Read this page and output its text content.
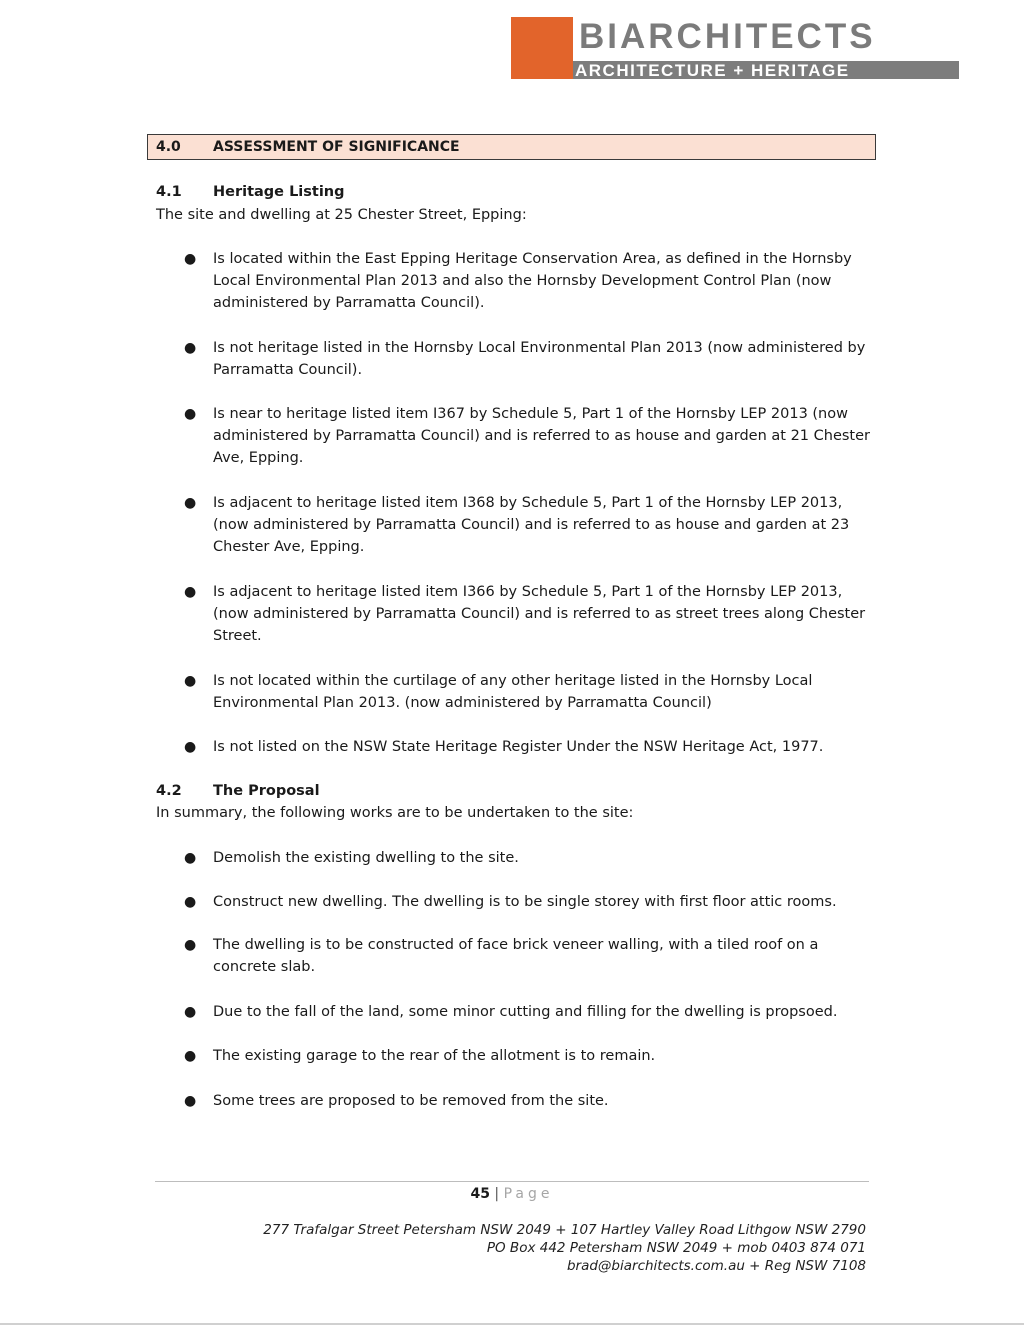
BIARCHITECTS
ARCHITECTURE + HERITAGE
4.0 ASSESSMENT OF SIGNIFICANCE
4.1 Heritage Listing
The site and dwelling at 25 Chester Street, Epping:
● Is located within the East Epping Heritage Conservation Area, as defined in the Hornsby Local Environmental Plan 2013 and also the Hornsby Development Control Plan (now administered by Parramatta Council).
● Is not heritage listed in the Hornsby Local Environmental Plan 2013 (now administered by Parramatta Council).
● Is near to heritage listed item I367 by Schedule 5, Part 1 of the Hornsby LEP 2013 (now administered by Parramatta Council) and is referred to as house and garden at 21 Chester Ave, Epping.
● Is adjacent to heritage listed item I368 by Schedule 5, Part 1 of the Hornsby LEP 2013, (now administered by Parramatta Council) and is referred to as house and garden at 23 Chester Ave, Epping.
● Is adjacent to heritage listed item I366 by Schedule 5, Part 1 of the Hornsby LEP 2013, (now administered by Parramatta Council) and is referred to as street trees along Chester Street.
● Is not located within the curtilage of any other heritage listed in the Hornsby Local Environmental Plan 2013. (now administered by Parramatta Council)
● Is not listed on the NSW State Heritage Register Under the NSW Heritage Act, 1977.
4.2 The Proposal
In summary, the following works are to be undertaken to the site:
● Demolish the existing dwelling to the site.
● Construct new dwelling. The dwelling is to be single storey with first floor attic rooms.
● The dwelling is to be constructed of face brick veneer walling, with a tiled roof on a concrete slab.
● Due to the fall of the land, some minor cutting and filling for the dwelling is propsoed.
● The existing garage to the rear of the allotment is to remain.
● Some trees are proposed to be removed from the site.
45 | Page
277 Trafalgar Street Petersham NSW 2049 + 107 Hartley Valley Road Lithgow NSW 2790
PO Box 442 Petersham NSW 2049 + mob 0403 874 071
brad@biarchitects.com.au + Reg NSW 7108
